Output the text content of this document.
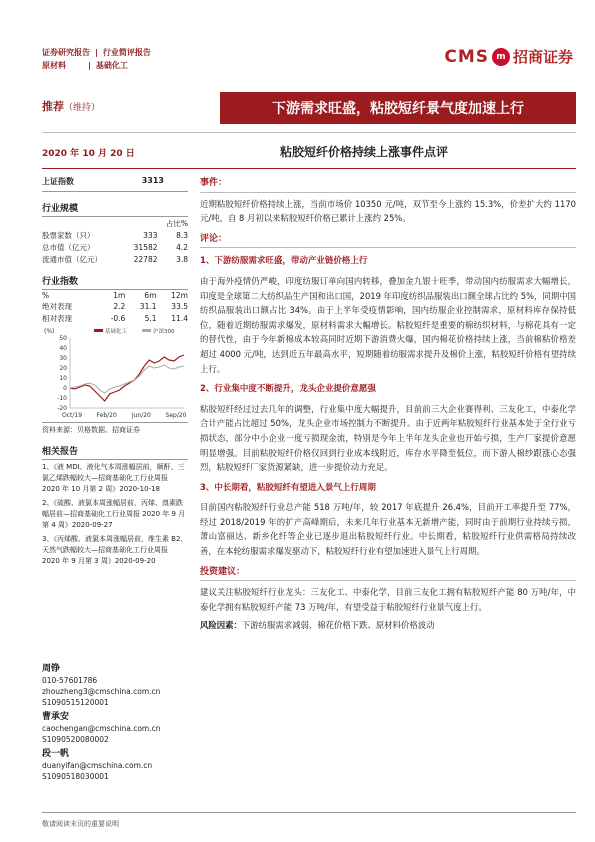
证券研究报告 | 行业简评报告
原材料	| 基础化工	CMS m 招商证券
推荐（维持）	下游需求旺盛，粘胶短纤景气度加速上行
2020 年 10 月 20 日	粘胶短纤价格持续上涨事件点评
上证指数	3313
行业规模
		占比%
股票家数（只）	333	8.3
总市值（亿元）	31582	4.2
流通市值（亿元）	22782	3.8
行业指数
%	1m	6m	12m
绝对表现	2.2	31.1	33.5
相对表现	-0.6	5.1	11.4
(%)	基础化工	沪深300
50
40
30
20
10
0
-10
-20
Oct/19 Feb/20	Jun/20 Sep/20
资料来源：贝格数据、招商证券
相关报告

1、《液 MDI、液化气本周涨幅居前，顺酐、三氯乙烯跌幅较大—招商基础化工行业周报 2020 年 10 月第 2 周》2020-10-18

2、《硫酸、液氯本周涨幅居前，丙烯、溴素跌幅居前—招商基础化工行业周报 2020 年 9 月第 4 周》2020-09-27

3、《丙烯酸、液氯本周涨幅居前，维生素 B2、天然气跌幅较大—招商基础化工行业周报 2020 年 9 月第 3 周》2020-09-20

周铮
010-57601786
zhouzheng3@cmschina.com.cn
S1090515120001
曹承安
caochengan@cmschina.com.cn
S1090520080002
段一帆
duanyifan@cmschina.com.cn
S1090518030001
事件：

近期粘胶短纤价格持续上涨，当前市场价 10350 元/吨，双节至今上涨约 15.3%，价差扩大约 1170 元/吨，自 8 月初以来粘胶短纤价格已累计上涨约 25%。

评论：
1、下游纺服需求旺盛，带动产业链价格上行

由于海外疫情仍严峻，印度纺服订单向国内转移，叠加金九银十旺季，带动国内纺服需求大幅增长，印度是全球第二大纺织品生产国和出口国，2019 年印度纺织品服装出口额全球占比约 5%，同期中国纺织品服装出口额占比 34%。由于上半年受疫情影响，国内纺服企业控制需求，原材料库存保持低位，随着近期纺服需求爆发，原材料需求大幅增长。粘胶短纤是重要的棉纺织材料，与棉花具有一定的替代性，由于今年新棉成本较高同时近期下游消费火爆，国内棉花价格持续上涨，当前棉粘价格差超过 4000 元/吨，达到近五年最高水平，短期随着纺服需求提升及棉价上涨，粘胶短纤价格有望持续上行。

2、行业集中度不断提升，龙头企业提价意愿强

粘胶短纤经过过去几年的调整，行业集中度大幅提升，目前前三大企业赛得利、三友化工，中泰化学合计产能占比超过 50%，龙头企业市场控制力不断提升。由于近两年粘胶短纤行业基本处于全行业亏损状态，部分中小企业一度亏损现金流，特别是今年上半年龙头企业也开始亏损，生产厂家提价意愿明显增强。目前粘胶短纤价格仅回到行业成本线附近，库存水平降至低位，而下游人棉纱跟涨心态强烈，粘胶短纤厂家货源紧缺，进一步提价动力充足。

3、中长期看，粘胶短纤有望进入景气上行周期

目前国内粘胶短纤行业总产能 518 万吨/年，较 2017 年底提升 26.4%，目前开工率提升至 77%，经过 2018/2019 年的扩产高峰期后，未来几年行业基本无新增产能，同时由于前期行业持续亏损，萧山富丽达、新乡化纤等企业已逐步退出粘胶短纤行业。中长期看，粘胶短纤行业供需格局持续改善，在本轮纺服需求爆发驱动下，粘胶短纤行业有望加速进入景气上行周期。

投资建议：

建议关注粘胶短纤行业龙头：三友化工、中泰化学，目前三友化工拥有粘胶短纤产能 80 万吨/年，中泰化学拥有粘胶短纤产能 73 万吨/年，有望受益于粘胶短纤行业景气度上行。

风险因素：下游纺服需求减弱、棉花价格下跌、原材料价格波动
敬请阅读末页的重要说明
